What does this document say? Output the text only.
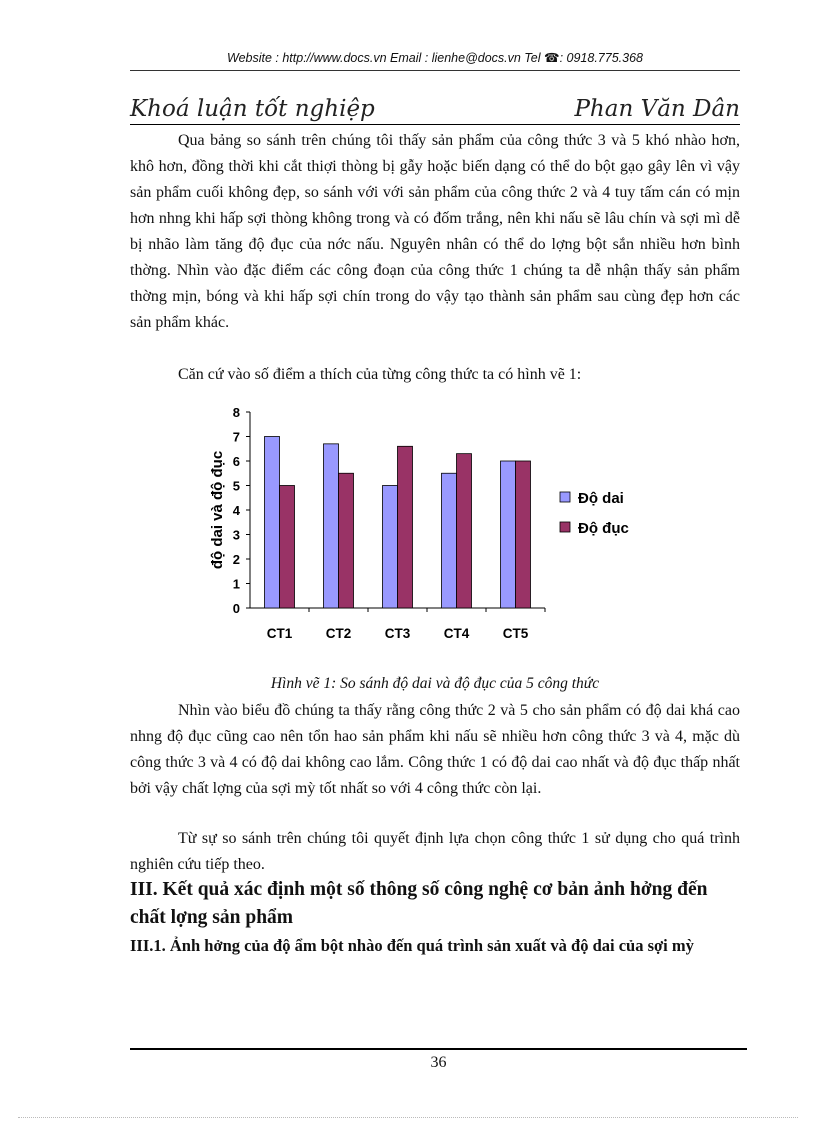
Website : http://www.docs.vn Email : lienhe@docs.vn Tel ☎: 0918.775.368
Khoá luận tốt nghiệp	Phan Văn Dân

Qua bảng so sánh trên chúng tôi thấy sản phẩm của công thức 3 và 5 khó nhào hơn, khô hơn, đồng thời khi cắt thiợi thòng bị gẫy hoặc biến dạng có thể do bột gạo gây lên vì vậy sản phẩm cuối không đẹp, so sánh với với sản phẩm của công thức 2 và 4 tuy tấm cán có mịn hơn nhng khi hấp sợi thòng không trong và có đốm trắng, nên khi nấu sẽ lâu chín và sợi mì dễ bị nhão làm tăng độ đục của nớc nấu. Nguyên nhân có thể do lợng bột sắn nhiều hơn bình thờng. Nhìn vào đặc điểm các công đoạn của công thức 1 chúng ta dễ nhận thấy sản phẩm thờng mịn, bóng và khi hấp sợi chín trong do vậy tạo thành sản phẩm sau cùng đẹp hơn các sản phẩm khác.

Căn cứ vào số điểm a thích của từng công thức ta có hình vẽ 1:

0
1
2
3
4
5
6
7
8
độ dai và độ đục
CT1 CT2 CT3 CT4 CT5
Độ dai
Độ đục
Hình vẽ 1: So sánh độ dai và độ đục của 5 công thức

Nhìn vào biểu đồ chúng ta thấy rằng công thức 2 và 5 cho sản phẩm có độ dai khá cao nhng độ đục cũng cao nên tổn hao sản phẩm khi nấu sẽ nhiều hơn công thức 3 và 4, mặc dù công thức 3 và 4 có độ dai không cao lắm. Công thức 1 có độ dai cao nhất và độ đục thấp nhất bởi vậy chất lợng của sợi mỳ tốt nhất so với 4 công thức còn lại.

Từ sự so sánh trên chúng tôi quyết định lựa chọn công thức 1 sử dụng cho quá trình nghiên cứu tiếp theo.

III. Kết quả xác định một số thông số công nghệ cơ bản ảnh hởng đến chất lợng sản phẩm
III.1. Ảnh hởng của độ ẩm bột nhào đến quá trình sản xuất và độ dai của sợi mỳ
36
